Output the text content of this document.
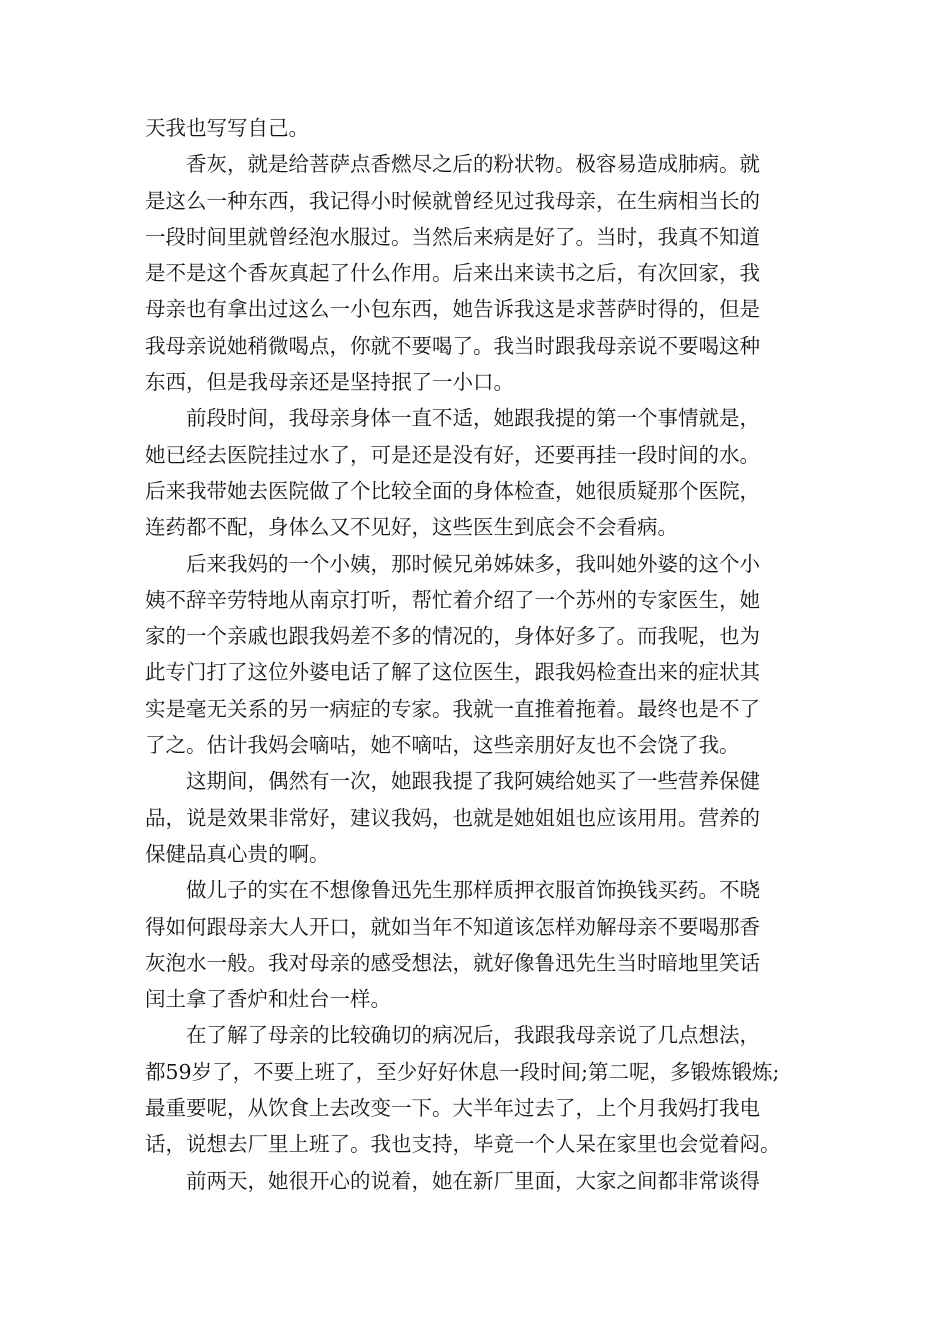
天我也写写自己。
香灰，就是给菩萨点香燃尽之后的粉状物。极容易造成肺病。就
是这么一种东西，我记得小时候就曾经见过我母亲，在生病相当长的
一段时间里就曾经泡水服过。当然后来病是好了。当时，我真不知道
是不是这个香灰真起了什么作用。后来出来读书之后，有次回家，我
母亲也有拿出过这么一小包东西，她告诉我这是求菩萨时得的，但是
我母亲说她稍微喝点，你就不要喝了。我当时跟我母亲说不要喝这种
东西，但是我母亲还是坚持抿了一小口。
前段时间，我母亲身体一直不适，她跟我提的第一个事情就是，
她已经去医院挂过水了，可是还是没有好，还要再挂一段时间的水。
后来我带她去医院做了个比较全面的身体检查，她很质疑那个医院，
连药都不配，身体么又不见好，这些医生到底会不会看病。
后来我妈的一个小姨，那时候兄弟姊妹多，我叫她外婆的这个小
姨不辞辛劳特地从南京打听，帮忙着介绍了一个苏州的专家医生，她
家的一个亲戚也跟我妈差不多的情况的，身体好多了。而我呢，也为
此专门打了这位外婆电话了解了这位医生，跟我妈检查出来的症状其
实是毫无关系的另一病症的专家。我就一直推着拖着。最终也是不了
了之。估计我妈会嘀咕，她不嘀咕，这些亲朋好友也不会饶了我。
这期间，偶然有一次，她跟我提了我阿姨给她买了一些营养保健
品，说是效果非常好，建议我妈，也就是她姐姐也应该用用。营养的
保健品真心贵的啊。
做儿子的实在不想像鲁迅先生那样质押衣服首饰换钱买药。不晓
得如何跟母亲大人开口，就如当年不知道该怎样劝解母亲不要喝那香
灰泡水一般。我对母亲的感受想法，就好像鲁迅先生当时暗地里笑话
闰土拿了香炉和灶台一样。
在了解了母亲的比较确切的病况后，我跟我母亲说了几点想法，
都59岁了，不要上班了，至少好好休息一段时间;第二呢，多锻炼锻炼;
最重要呢，从饮食上去改变一下。大半年过去了，上个月我妈打我电
话，说想去厂里上班了。我也支持，毕竟一个人呆在家里也会觉着闷。
前两天，她很开心的说着，她在新厂里面，大家之间都非常谈得
